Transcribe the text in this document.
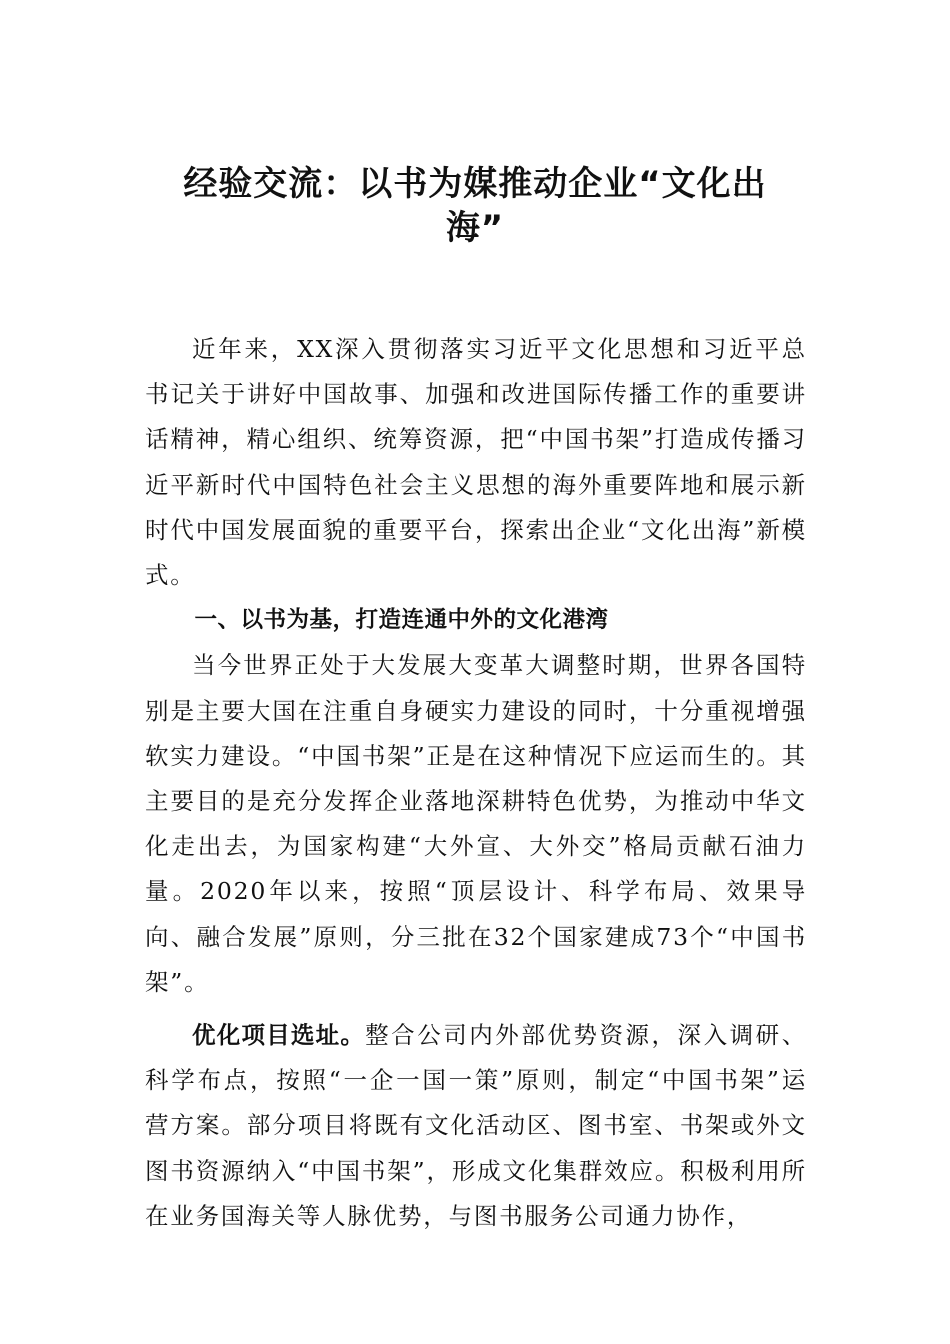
经验交流：以书为媒推动企业“文化出
海”

近年来，XX深入贯彻落实习近平文化思想和习近平总书记关于讲好中国故事、加强和改进国际传播工作的重要讲话精神，精心组织、统筹资源，把“中国书架”打造成传播习近平新时代中国特色社会主义思想的海外重要阵地和展示新时代中国发展面貌的重要平台，探索出企业“文化出海”新模式。

一、以书为基，打造连通中外的文化港湾

当今世界正处于大发展大变革大调整时期，世界各国特别是主要大国在注重自身硬实力建设的同时，十分重视增强软实力建设。“中国书架”正是在这种情况下应运而生的。其主要目的是充分发挥企业落地深耕特色优势，为推动中华文化走出去，为国家构建“大外宣、大外交”格局贡献石油力量。2020年以来，按照“顶层设计、科学布局、效果导向、融合发展”原则，分三批在32个国家建成73个“中国书架”。

优化项目选址。整合公司内外部优势资源，深入调研、科学布点，按照“一企一国一策”原则，制定“中国书架”运营方案。部分项目将既有文化活动区、图书室、书架或外文图书资源纳入“中国书架”，形成文化集群效应。积极利用所在业务国海关等人脉优势，与图书服务公司通力协作，
